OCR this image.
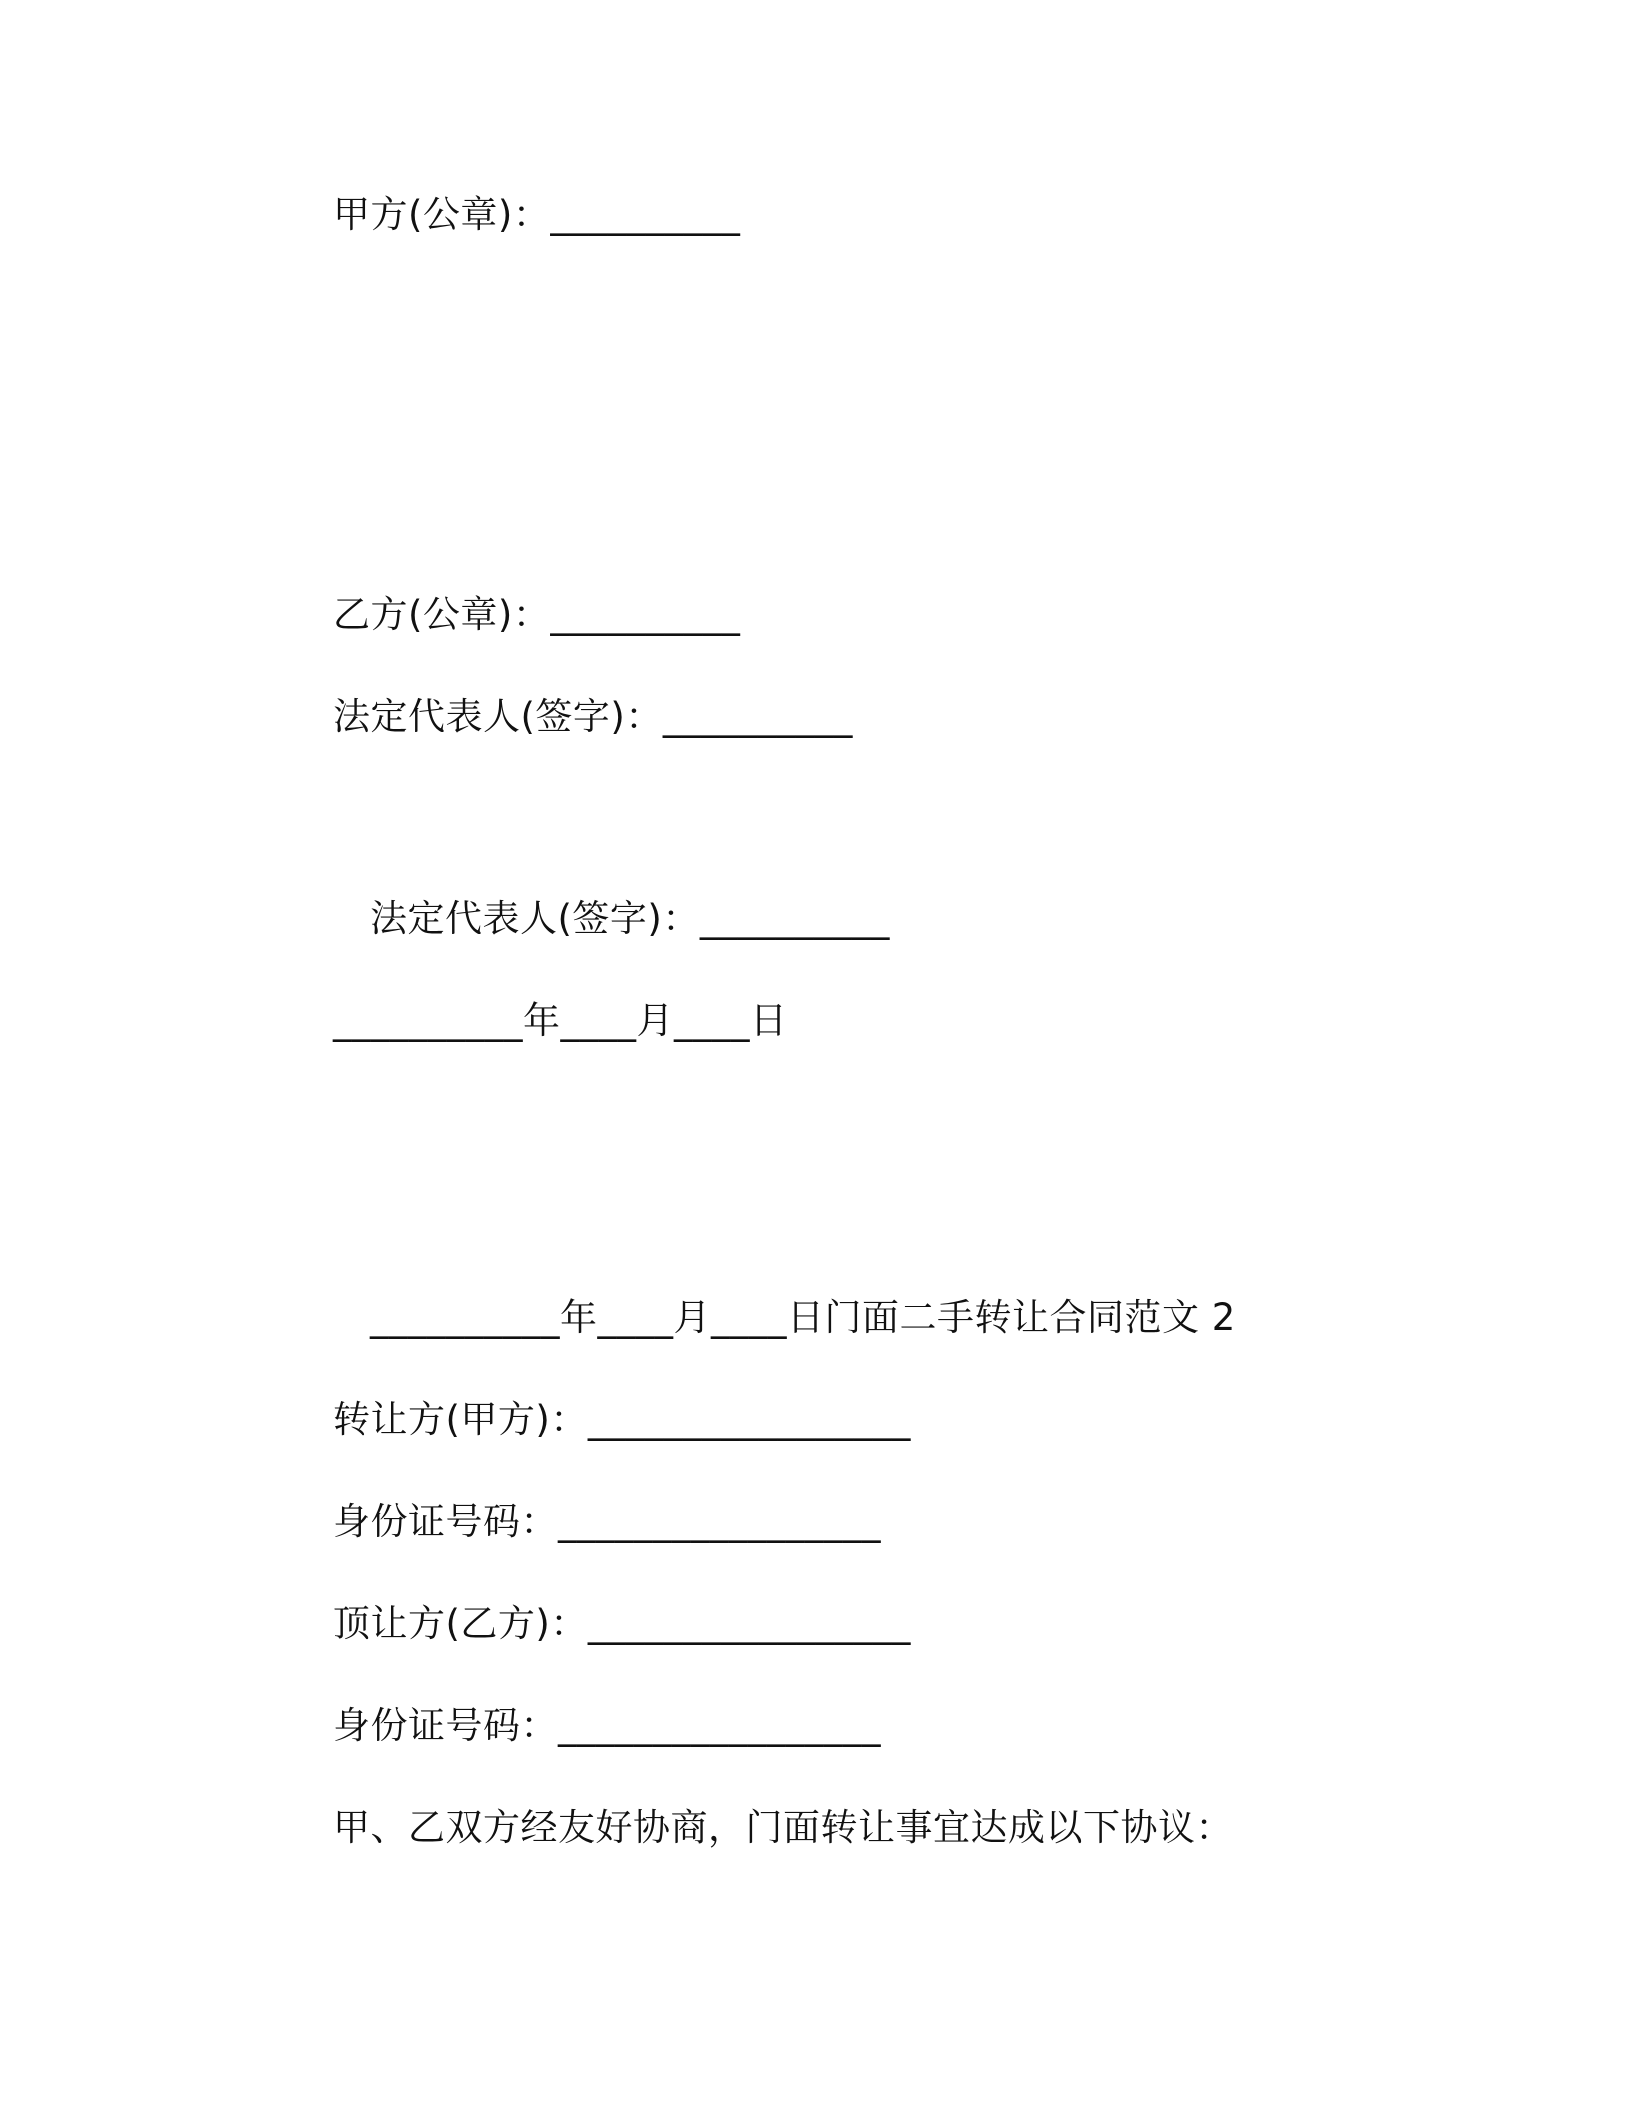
甲方(公章)：__________
乙方(公章)：__________
法定代表人(签字)：__________
法定代表人(签字)：__________
__________年____月____日
__________年____月____日门面二手转让合同范文 2
转让方(甲方)：_________________
身份证号码：_________________
顶让方(乙方)：_________________
身份证号码：_________________
甲、乙双方经友好协商，门面转让事宜达成以下协议：
